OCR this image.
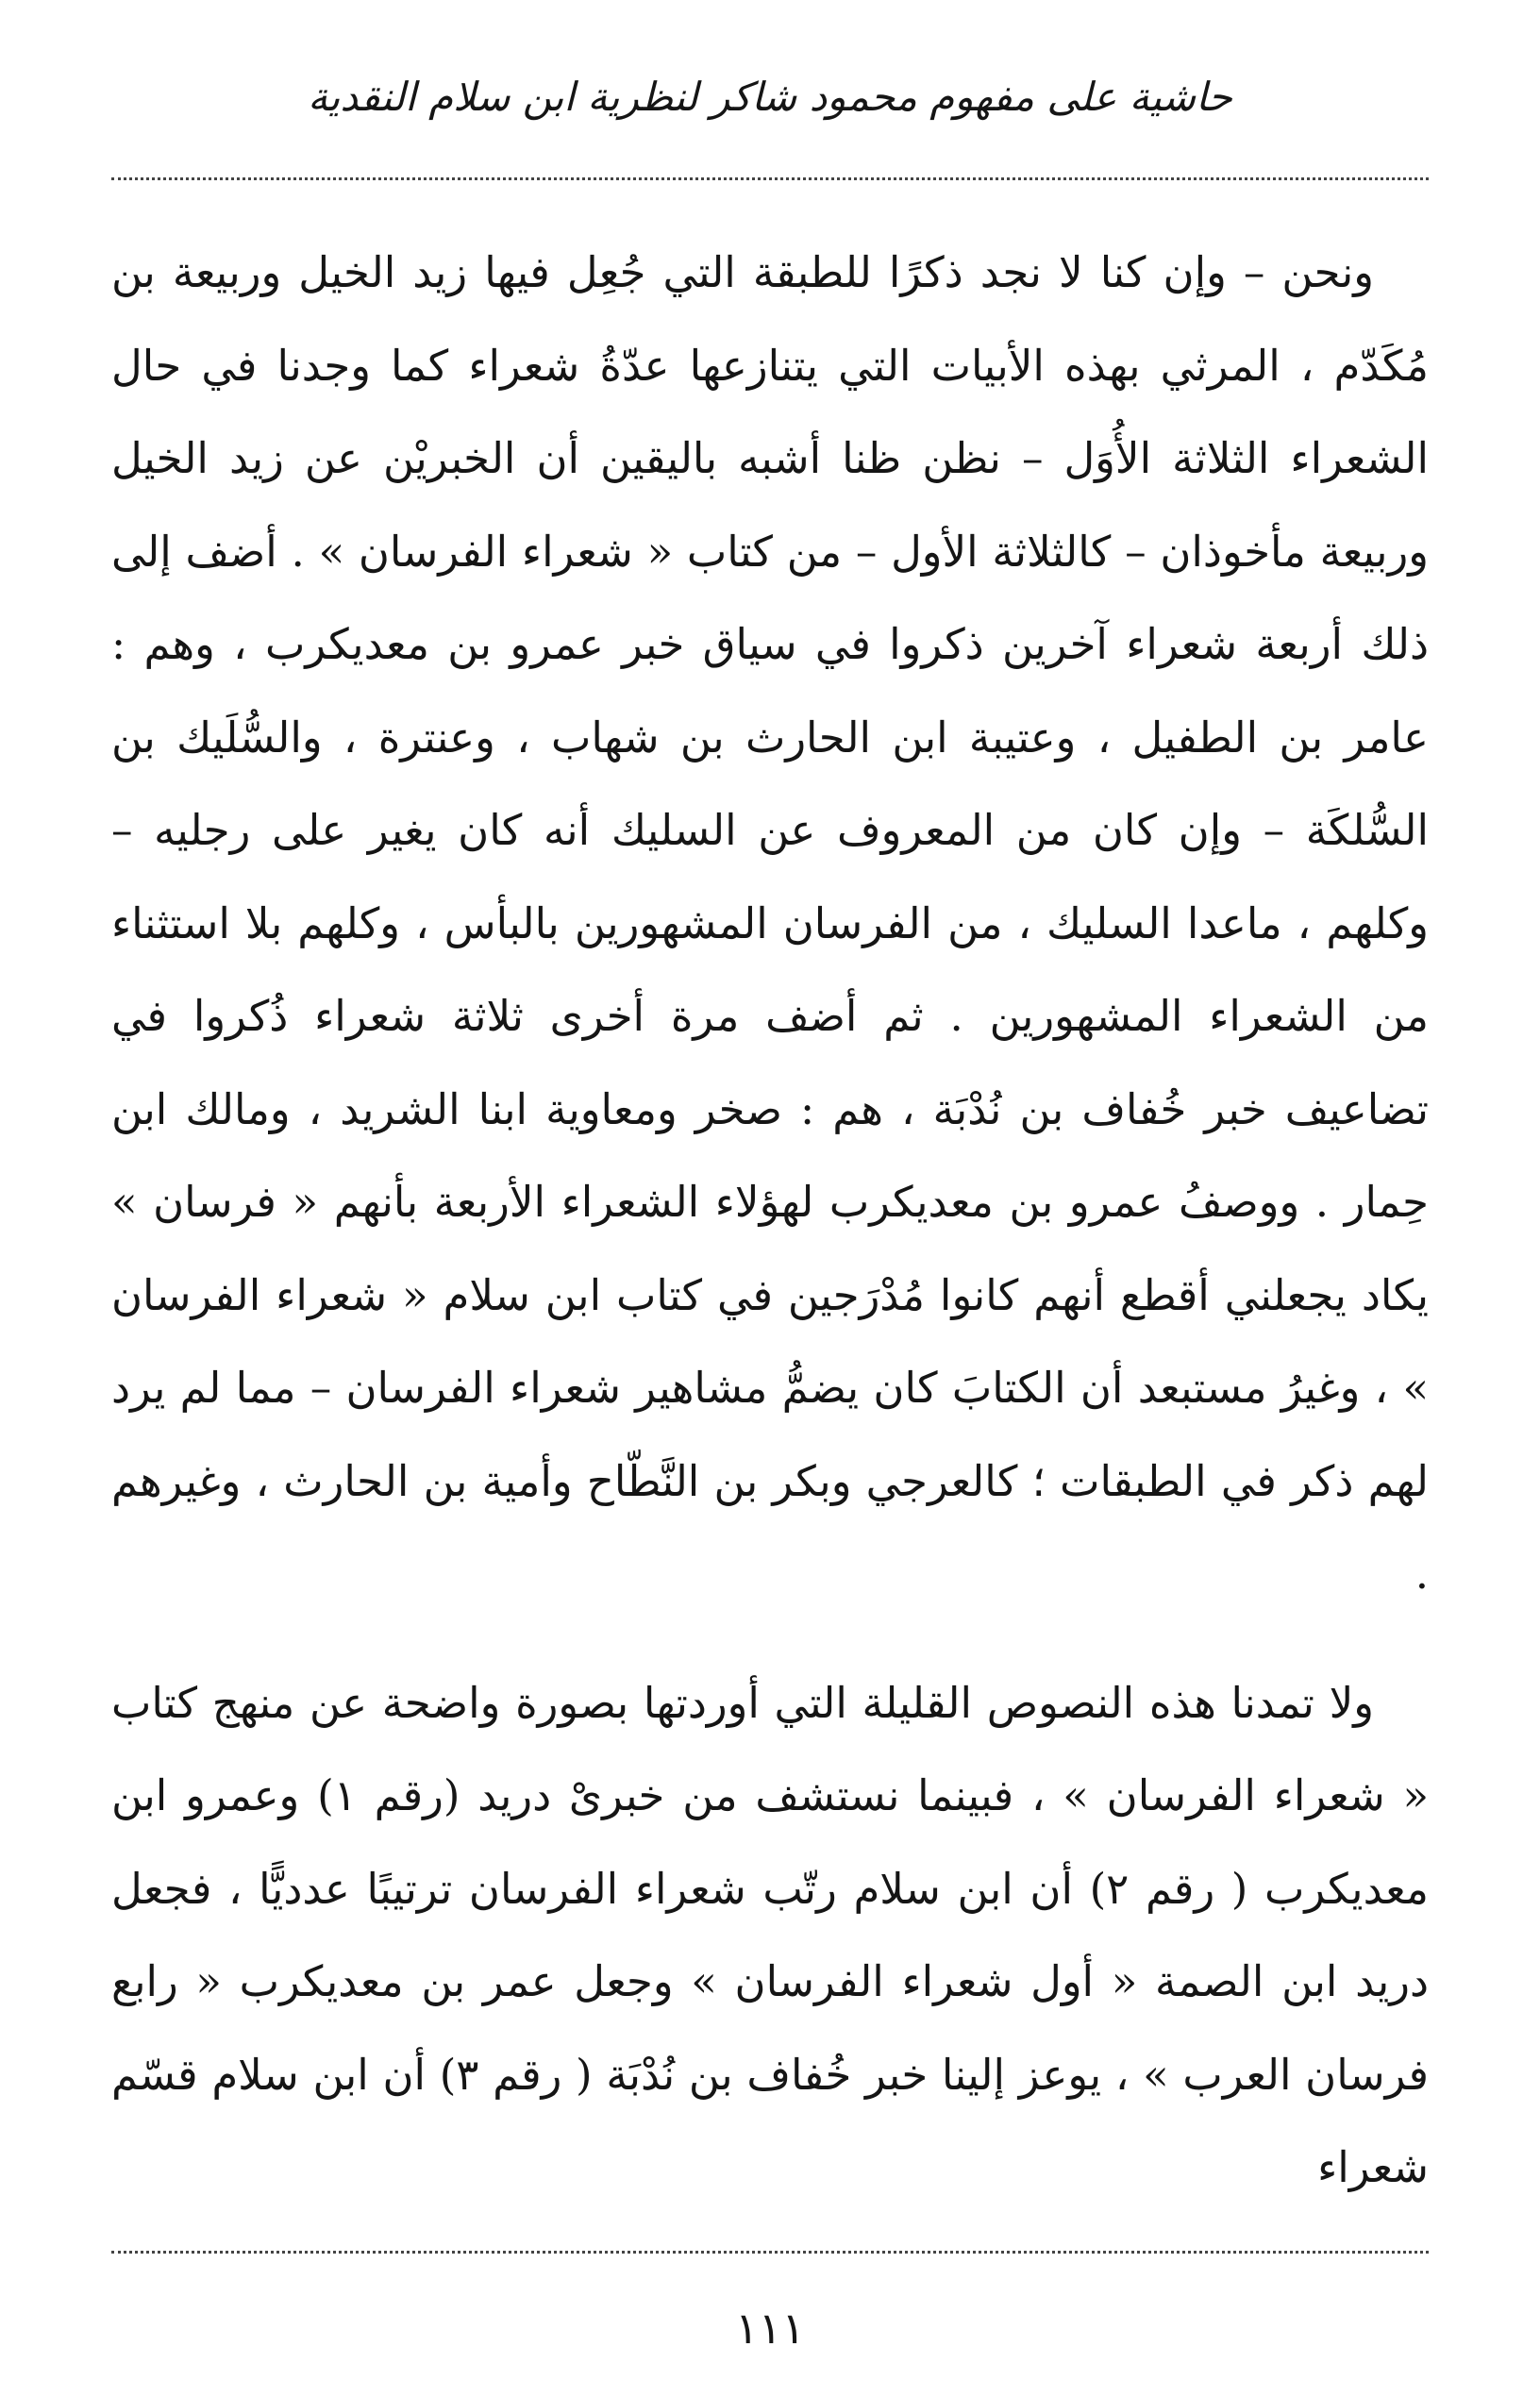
حاشية على مفهوم محمود شاكر لنظرية ابن سلام النقدية

ونحن – وإن كنا لا نجد ذكرًا للطبقة التي جُعِل فيها زيد الخيل وربيعة بن مُكَدّم ، المرثي بهذه الأبيات التي يتنازعها عدّةُ شعراء كما وجدنا في حال الشعراء الثلاثة الأُوَل – نظن ظنا أشبه باليقين أن الخبريْن عن زيد الخيل وربيعة مأخوذان – كالثلاثة الأول – من كتاب « شعراء الفرسان » . أضف إلى ذلك أربعة شعراء آخرين ذكروا في سياق خبر عمرو بن معديكرب ، وهم : عامر بن الطفيل ، وعتيبة ابن الحارث بن شهاب ، وعنترة ، والسُّلَيك بن السُّلكَة – وإن كان من المعروف عن السليك أنه كان يغير على رجليه – وكلهم ، ماعدا السليك ، من الفرسان المشهورين بالبأس ، وكلهم بلا استثناء من الشعراء المشهورين . ثم أضف مرة أخرى ثلاثة شعراء ذُكروا في تضاعيف خبر خُفاف بن نُدْبَة ، هم : صخر ومعاوية ابنا الشريد ، ومالك ابن حِمار . ووصفُ عمرو بن معديكرب لهؤلاء الشعراء الأربعة بأنهم « فرسان » يكاد يجعلني أقطع أنهم كانوا مُدْرَجين في كتاب ابن سلام « شعراء الفرسان » ، وغيرُ مستبعد أن الكتابَ كان يضمُّ مشاهير شعراء الفرسان – مما لم يرد لهم ذكر في الطبقات ؛ كالعرجي وبكر بن النَّطّاح وأمية بن الحارث ، وغيرهم .

ولا تمدنا هذه النصوص القليلة التي أوردتها بصورة واضحة عن منهج كتاب « شعراء الفرسان » ، فبينما نستشف من خبرىْ دريد (رقم ١) وعمرو ابن معديكرب ( رقم ٢) أن ابن سلام رتّب شعراء الفرسان ترتيبًا عدديًّا ، فجعل دريد ابن الصمة « أول شعراء الفرسان » وجعل عمر بن معديكرب « رابع فرسان العرب » ، يوعز إلينا خبر خُفاف بن نُدْبَة ( رقم ٣) أن ابن سلام قسّم شعراء

١١١
